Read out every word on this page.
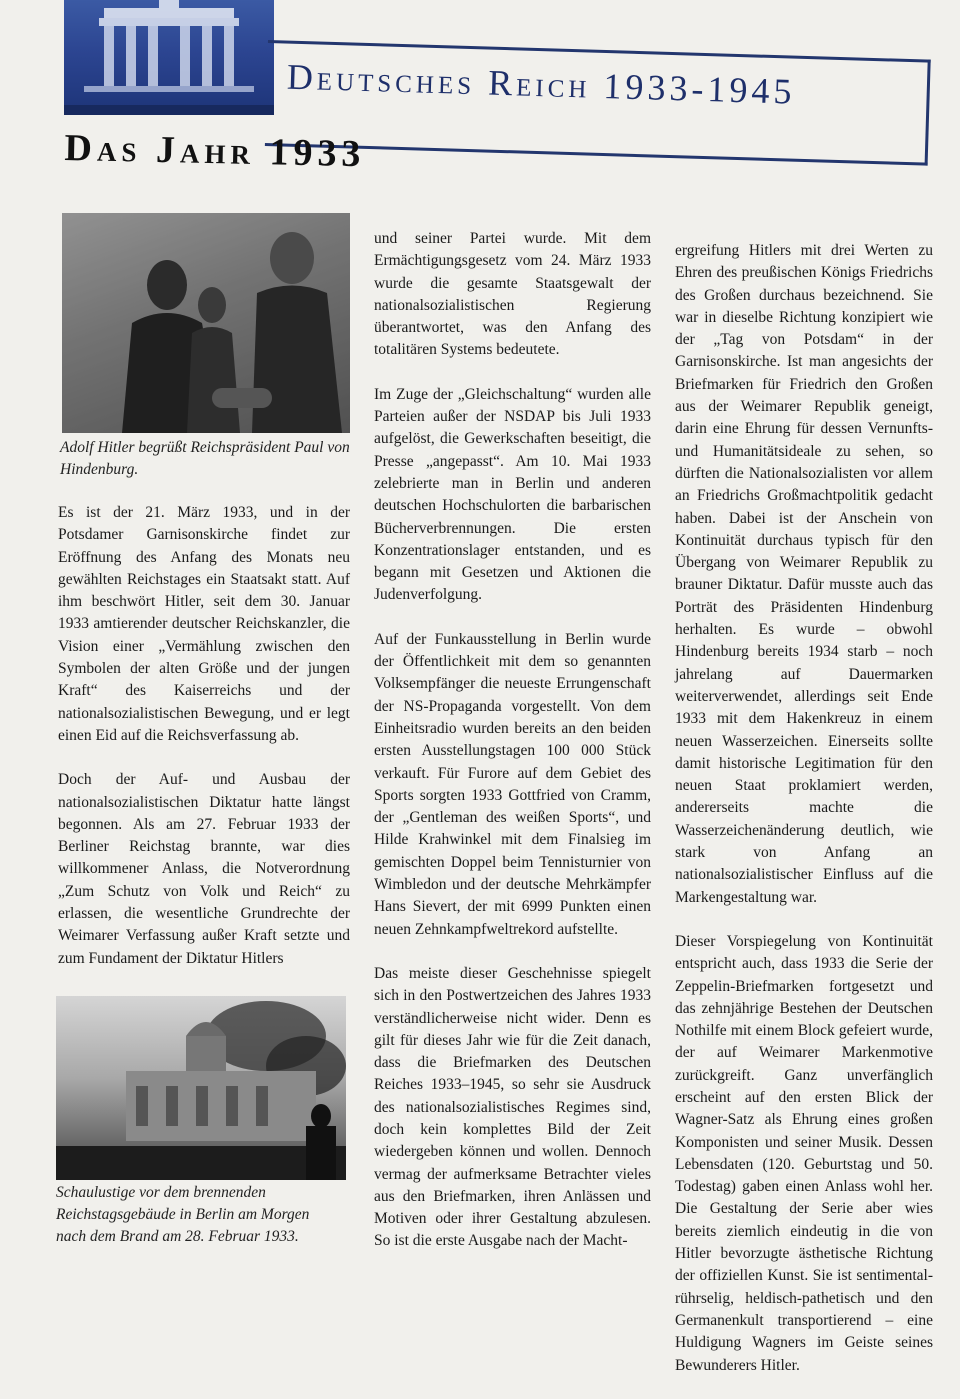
Deutsches Reich 1933-1945
Das Jahr 1933
Adolf Hitler begrüßt Reichspräsident Paul von Hindenburg.

Es ist der 21. März 1933, und in der Potsdamer Garnisonskirche findet zur Eröffnung des Anfang des Monats neu gewählten Reichstages ein Staatsakt statt. Auf ihm beschwört Hitler, seit dem 30. Januar 1933 amtierender deutscher Reichskanzler, die Vision einer „Vermählung zwischen den Symbolen der alten Größe und der jungen Kraft“ des Kaiserreichs und der nationalsozialistischen Bewegung, und er legt einen Eid auf die Reichsverfassung ab.

Doch der Auf- und Ausbau der nationalsozialistischen Diktatur hatte längst begonnen. Als am 27. Februar 1933 der Berliner Reichstag brannte, war dies willkommener Anlass, die Notverordnung „Zum Schutz von Volk und Reich“ zu erlassen, die wesentliche Grundrechte der Weimarer Verfassung außer Kraft setzte und zum Fundament der Diktatur Hitlers

Schaulustige vor dem brennenden Reichstagsgebäude in Berlin am Morgen nach dem Brand am 28. Februar 1933.

und seiner Partei wurde. Mit dem Ermächtigungsgesetz vom 24. März 1933 wurde die gesamte Staatsgewalt der nationalsozialistischen Regierung überantwortet, was den Anfang des totalitären Systems bedeutete.

Im Zuge der „Gleichschaltung“ wurden alle Parteien außer der NSDAP bis Juli 1933 aufgelöst, die Gewerkschaften beseitigt, die Presse „angepasst“. Am 10. Mai 1933 zelebrierte man in Berlin und anderen deutschen Hochschulorten die barbarischen Bücherverbrennungen. Die ersten Konzentrationslager entstanden, und es begann mit Gesetzen und Aktionen die Judenverfolgung.

Auf der Funkausstellung in Berlin wurde der Öffentlichkeit mit dem so genannten Volksempfänger die neueste Errungenschaft der NS-Propaganda vorgestellt. Von dem Einheitsradio wurden bereits an den beiden ersten Ausstellungstagen 100 000 Stück verkauft. Für Furore auf dem Gebiet des Sports sorgten 1933 Gottfried von Cramm, der „Gentleman des weißen Sports“, und Hilde Krahwinkel mit dem Finalsieg im gemischten Doppel beim Tennisturnier von Wimbledon und der deutsche Mehrkämpfer Hans Sievert, der mit 6999 Punkten einen neuen Zehnkampfweltrekord aufstellte.

Das meiste dieser Geschehnisse spiegelt sich in den Postwertzeichen des Jahres 1933 verständlicherweise nicht wider. Denn es gilt für dieses Jahr wie für die Zeit danach, dass die Briefmarken des Deutschen Reiches 1933–1945, so sehr sie Ausdruck des nationalsozialistisches Regimes sind, doch kein komplettes Bild der Zeit wiedergeben können und wollen. Dennoch vermag der aufmerksame Betrachter vieles aus den Briefmarken, ihren Anlässen und Motiven oder ihrer Gestaltung abzulesen. So ist die erste Ausgabe nach der Macht-

ergreifung Hitlers mit drei Werten zu Ehren des preußischen Königs Friedrichs des Großen durchaus bezeichnend. Sie war in dieselbe Richtung konzipiert wie der „Tag von Potsdam“ in der Garnisonskirche. Ist man angesichts der Briefmarken für Friedrich den Großen aus der Weimarer Republik geneigt, darin eine Ehrung für dessen Vernunfts- und Humanitätsideale zu sehen, so dürften die Nationalsozialisten vor allem an Friedrichs Großmachtpolitik gedacht haben. Dabei ist der Anschein von Kontinuität durchaus typisch für den Übergang von Weimarer Republik zu brauner Diktatur. Dafür musste auch das Porträt des Präsidenten Hindenburg herhalten. Es wurde – obwohl Hindenburg bereits 1934 starb – noch jahrelang auf Dauermarken weiterverwendet, allerdings seit Ende 1933 mit dem Hakenkreuz in einem neuen Wasserzeichen. Einerseits sollte damit historische Legitimation für den neuen Staat proklamiert werden, andererseits machte die Wasserzeichenänderung deutlich, wie stark von Anfang an nationalsozialistischer Einfluss auf die Markengestaltung war.

Dieser Vorspiegelung von Kontinuität entspricht auch, dass 1933 die Serie der Zeppelin-Briefmarken fortgesetzt und das zehnjährige Bestehen der Deutschen Nothilfe mit einem Block gefeiert wurde, der auf Weimarer Markenmotive zurückgreift. Ganz unverfänglich erscheint auf den ersten Blick der Wagner-Satz als Ehrung eines großen Komponisten und seiner Musik. Dessen Lebensdaten (120. Geburtstag und 50. Todestag) gaben einen Anlass wohl her. Die Gestaltung der Serie aber wies bereits ziemlich eindeutig in die von Hitler bevorzugte ästhetische Richtung der offiziellen Kunst. Sie ist sentimental-rührselig, heldisch-pathetisch und den Germanenkult transportierend – eine Huldigung Wagners im Geiste seines Bewunderers Hitler.
